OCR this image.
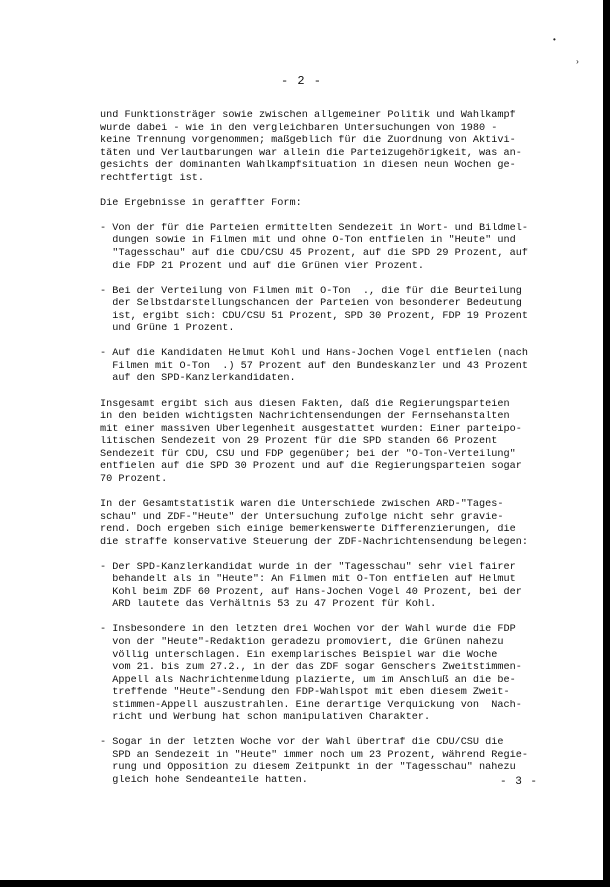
•
›
- 2 -
und Funktionsträger sowie zwischen allgemeiner Politik und Wahlkampf
wurde dabei - wie in den vergleichbaren Untersuchungen von 1980 -
keine Trennung vorgenommen; maßgeblich für die Zuordnung von Aktivi-
täten und Verlautbarungen war allein die Parteizugehörigkeit, was an-
gesichts der dominanten Wahlkampfsituation in diesen neun Wochen ge-
rechtfertigt ist.
Die Ergebnisse in geraffter Form:
- Von der für die Parteien ermittelten Sendezeit in Wort- und Bildmel-
dungen sowie in Filmen mit und ohne O-Ton entfielen in "Heute" und
"Tagesschau" auf die CDU/CSU 45 Prozent, auf die SPD 29 Prozent, auf
die FDP 21 Prozent und auf die Grünen vier Prozent.
- Bei der Verteilung von Filmen mit O-Ton  ., die für die Beurteilung
der Selbstdarstellungschancen der Parteien von besonderer Bedeutung
ist, ergibt sich: CDU/CSU 51 Prozent, SPD 30 Prozent, FDP 19 Prozent
und Grüne 1 Prozent.
- Auf die Kandidaten Helmut Kohl und Hans-Jochen Vogel entfielen (nach
Filmen mit O-Ton  .) 57 Prozent auf den Bundeskanzler und 43 Prozent
auf den SPD-Kanzlerkandidaten.
Insgesamt ergibt sich aus diesen Fakten, daß die Regierungsparteien
in den beiden wichtigsten Nachrichtensendungen der Fernsehanstalten
mit einer massiven Überlegenheit ausgestattet wurden: Einer parteipo-
litischen Sendezeit von 29 Prozent für die SPD standen 66 Prozent
Sendezeit für CDU, CSU und FDP gegenüber; bei der "O-Ton-Verteilung"
entfielen auf die SPD 30 Prozent und auf die Regierungsparteien sogar
70 Prozent.
In der Gesamtstatistik waren die Unterschiede zwischen ARD-"Tages-
schau" und ZDF-"Heute" der Untersuchung zufolge nicht sehr gravie-
rend. Doch ergeben sich einige bemerkenswerte Differenzierungen, die
die straffe konservative Steuerung der ZDF-Nachrichtensendung belegen:
- Der SPD-Kanzlerkandidat wurde in der "Tagesschau" sehr viel fairer
behandelt als in "Heute": An Filmen mit O-Ton entfielen auf Helmut
Kohl beim ZDF 60 Prozent, auf Hans-Jochen Vogel 40 Prozent, bei der
ARD lautete das Verhältnis 53 zu 47 Prozent für Kohl.
- Insbesondere in den letzten drei Wochen vor der Wahl wurde die FDP
von der "Heute"-Redaktion geradezu promoviert, die Grünen nahezu
völlig unterschlagen. Ein exemplarisches Beispiel war die Woche
vom 21. bis zum 27.2., in der das ZDF sogar Genschers Zweitstimmen-
Appell als Nachrichtenmeldung plazierte, um im Anschluß an die be-
treffende "Heute"-Sendung den FDP-Wahlspot mit eben diesem Zweit-
stimmen-Appell auszustrahlen. Eine derartige Verquickung von  Nach-
richt und Werbung hat schon manipulativen Charakter.
- Sogar in der letzten Woche vor der Wahl übertraf die CDU/CSU die
SPD an Sendezeit in "Heute" immer noch um 23 Prozent, während Regie-
rung und Opposition zu diesem Zeitpunkt in der "Tagesschau" nahezu
gleich hohe Sendeanteile hatten.	- 3 -
